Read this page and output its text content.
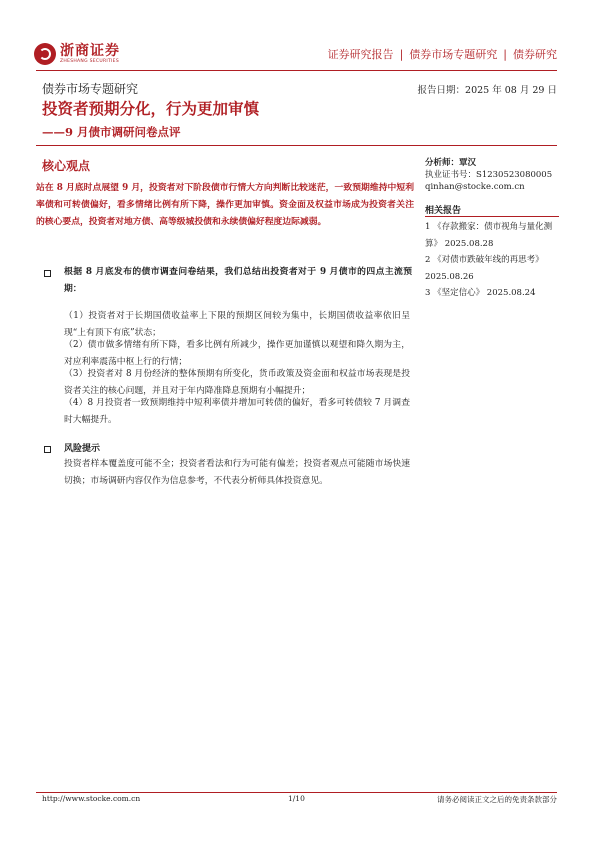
浙商证券
ZHESHANG SECURITIES
证券研究报告 | 债券市场专题研究 | 债券研究
债券市场专题研究	报告日期：2025 年 08 月 29 日
投资者预期分化，行为更加审慎
——9 月债市调研问卷点评
核心观点
站在 8 月底时点展望 9 月，投资者对下阶段债市行情大方向判断比较迷茫，一致预期维持中短利率债和可转债偏好，看多情绪比例有所下降，操作更加审慎。资金面及权益市场成为投资者关注的核心要点，投资者对地方债、高等级城投债和永续债偏好程度边际减弱。
根据 8 月底发布的债市调查问卷结果，我们总结出投资者对于 9 月债市的四点主流预期：
（1）投资者对于长期国债收益率上下限的预期区间较为集中，长期国债收益率依旧呈现“上有顶下有底”状态；
（2）债市做多情绪有所下降，看多比例有所减少，操作更加谨慎以观望和降久期为主，对应利率震荡中枢上行的行情；
（3）投资者对 8 月份经济的整体预期有所变化，货币政策及资金面和权益市场表现是投资者关注的核心问题，并且对于年内降准降息预期有小幅提升；
（4）8 月投资者一致预期维持中短利率债并增加可转债的偏好，看多可转债较 7 月调查时大幅提升。
风险提示
投资者样本覆盖度可能不全；投资者看法和行为可能有偏差；投资者观点可能随市场快速切换；市场调研内容仅作为信息参考，不代表分析师具体投资意见。
分析师：覃汉
执业证书号：S1230523080005
qinhan@stocke.com.cn
相关报告
1 《存款搬家：债市视角与量化测算》 2025.08.28
2 《对债市跌破年线的再思考》 2025.08.26
3 《坚定信心》 2025.08.24
http://www.stocke.com.cn	1/10	请务必阅读正文之后的免责条款部分
